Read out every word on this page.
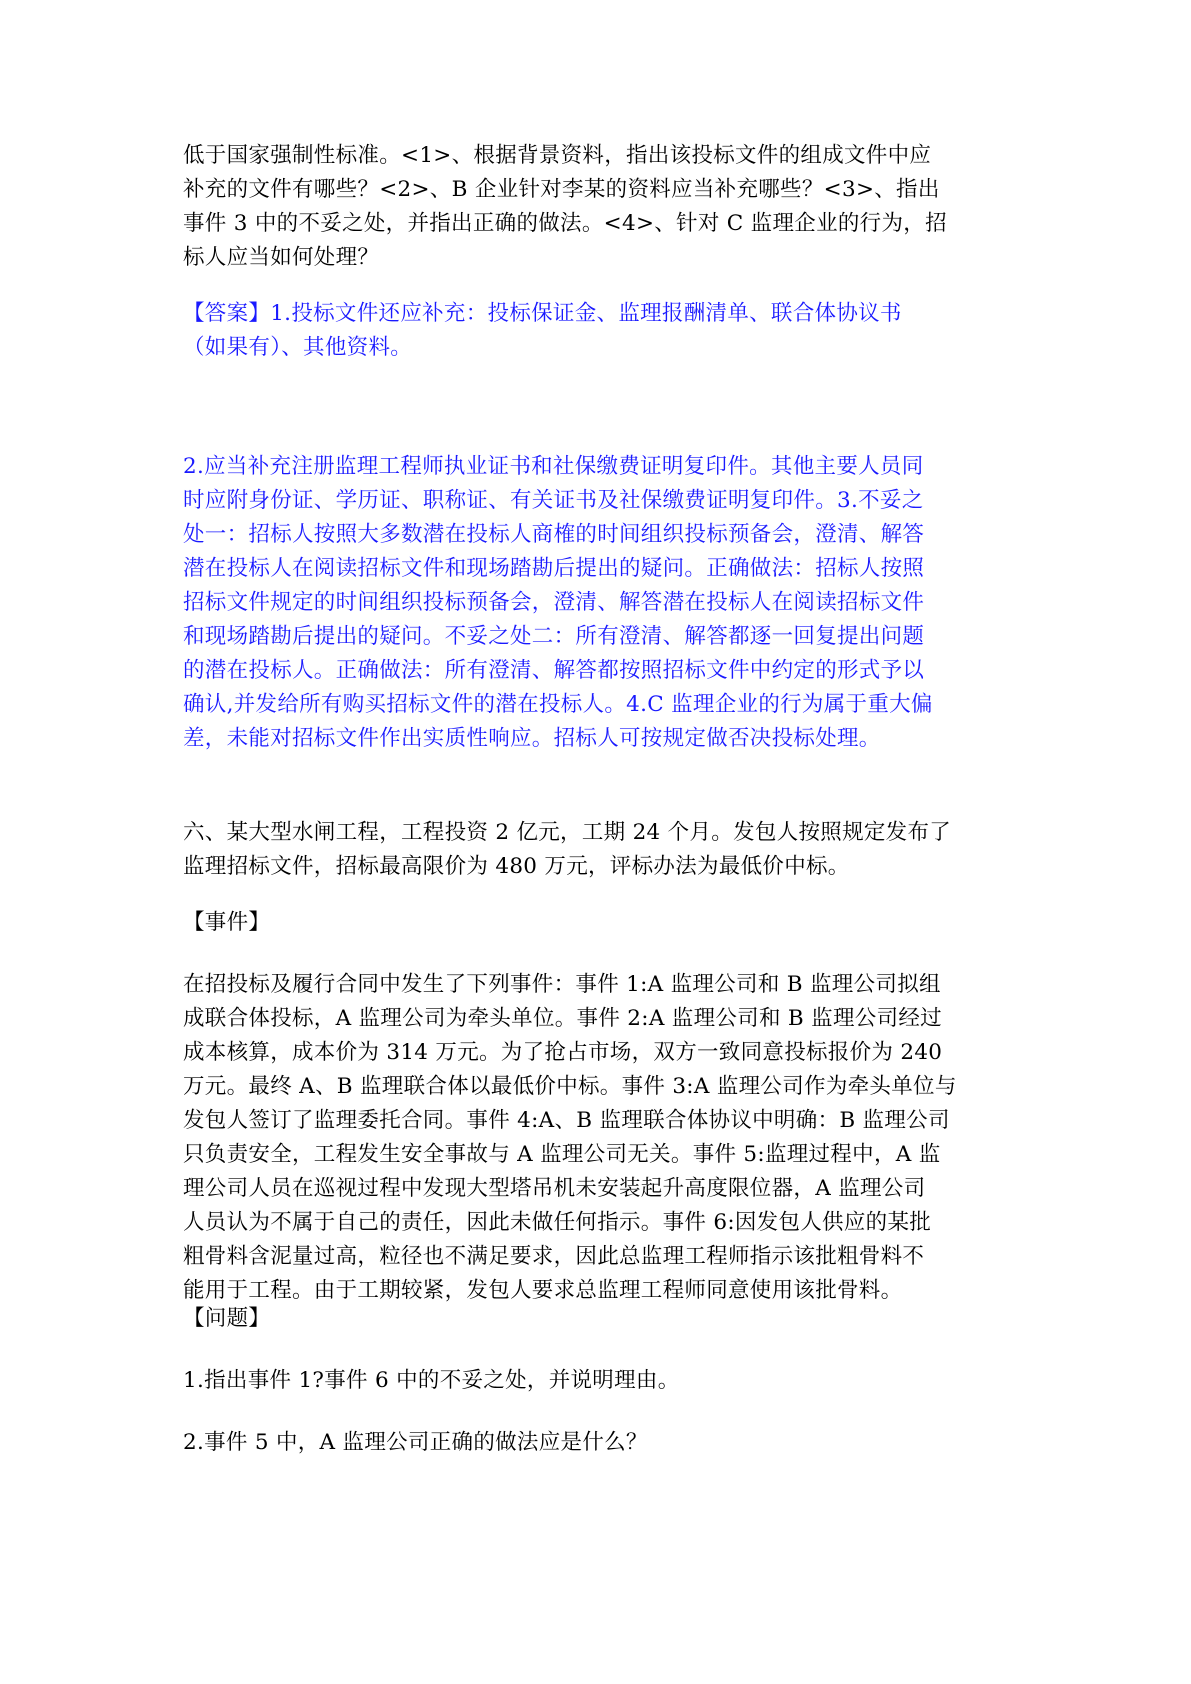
低于国家强制性标准。<1>、根据背景资料，指出该投标文件的组成文件中应
补充的文件有哪些？<2>、B 企业针对李某的资料应当补充哪些？<3>、指出
事件 3 中的不妥之处，并指出正确的做法。<4>、针对 C 监理企业的行为，招
标人应当如何处理？
【答案】1.投标文件还应补充：投标保证金、监理报酬清单、联合体协议书
（如果有）、其他资料。
2.应当补充注册监理工程师执业证书和社保缴费证明复印件。其他主要人员同
时应附身份证、学历证、职称证、有关证书及社保缴费证明复印件。3.不妥之
处一：招标人按照大多数潜在投标人商榷的时间组织投标预备会，澄清、解答
潜在投标人在阅读招标文件和现场踏勘后提出的疑问。正确做法：招标人按照
招标文件规定的时间组织投标预备会，澄清、解答潜在投标人在阅读招标文件
和现场踏勘后提出的疑问。不妥之处二：所有澄清、解答都逐一回复提出问题
的潜在投标人。正确做法：所有澄清、解答都按照招标文件中约定的形式予以
确认,并发给所有购买招标文件的潜在投标人。4.C 监理企业的行为属于重大偏
差，未能对招标文件作出实质性响应。招标人可按规定做否决投标处理。
六、某大型水闸工程，工程投资 2 亿元，工期 24 个月。发包人按照规定发布了
监理招标文件，招标最高限价为 480 万元，评标办法为最低价中标。
【事件】
在招投标及履行合同中发生了下列事件：事件 1:A 监理公司和 B 监理公司拟组
成联合体投标，A 监理公司为牵头单位。事件 2:A 监理公司和 B 监理公司经过
成本核算，成本价为 314 万元。为了抢占市场，双方一致同意投标报价为 240
万元。最终 A、B 监理联合体以最低价中标。事件 3:A 监理公司作为牵头单位与
发包人签订了监理委托合同。事件 4:A、B 监理联合体协议中明确：B 监理公司
只负责安全，工程发生安全事故与 A 监理公司无关。事件 5:监理过程中，A 监
理公司人员在巡视过程中发现大型塔吊机未安装起升高度限位器，A 监理公司
人员认为不属于自己的责任，因此未做任何指示。事件 6:因发包人供应的某批
粗骨料含泥量过高，粒径也不满足要求，因此总监理工程师指示该批粗骨料不
能用于工程。由于工期较紧，发包人要求总监理工程师同意使用该批骨料。
【问题】
1.指出事件 1?事件 6 中的不妥之处，并说明理由。
2.事件 5 中，A 监理公司正确的做法应是什么？
